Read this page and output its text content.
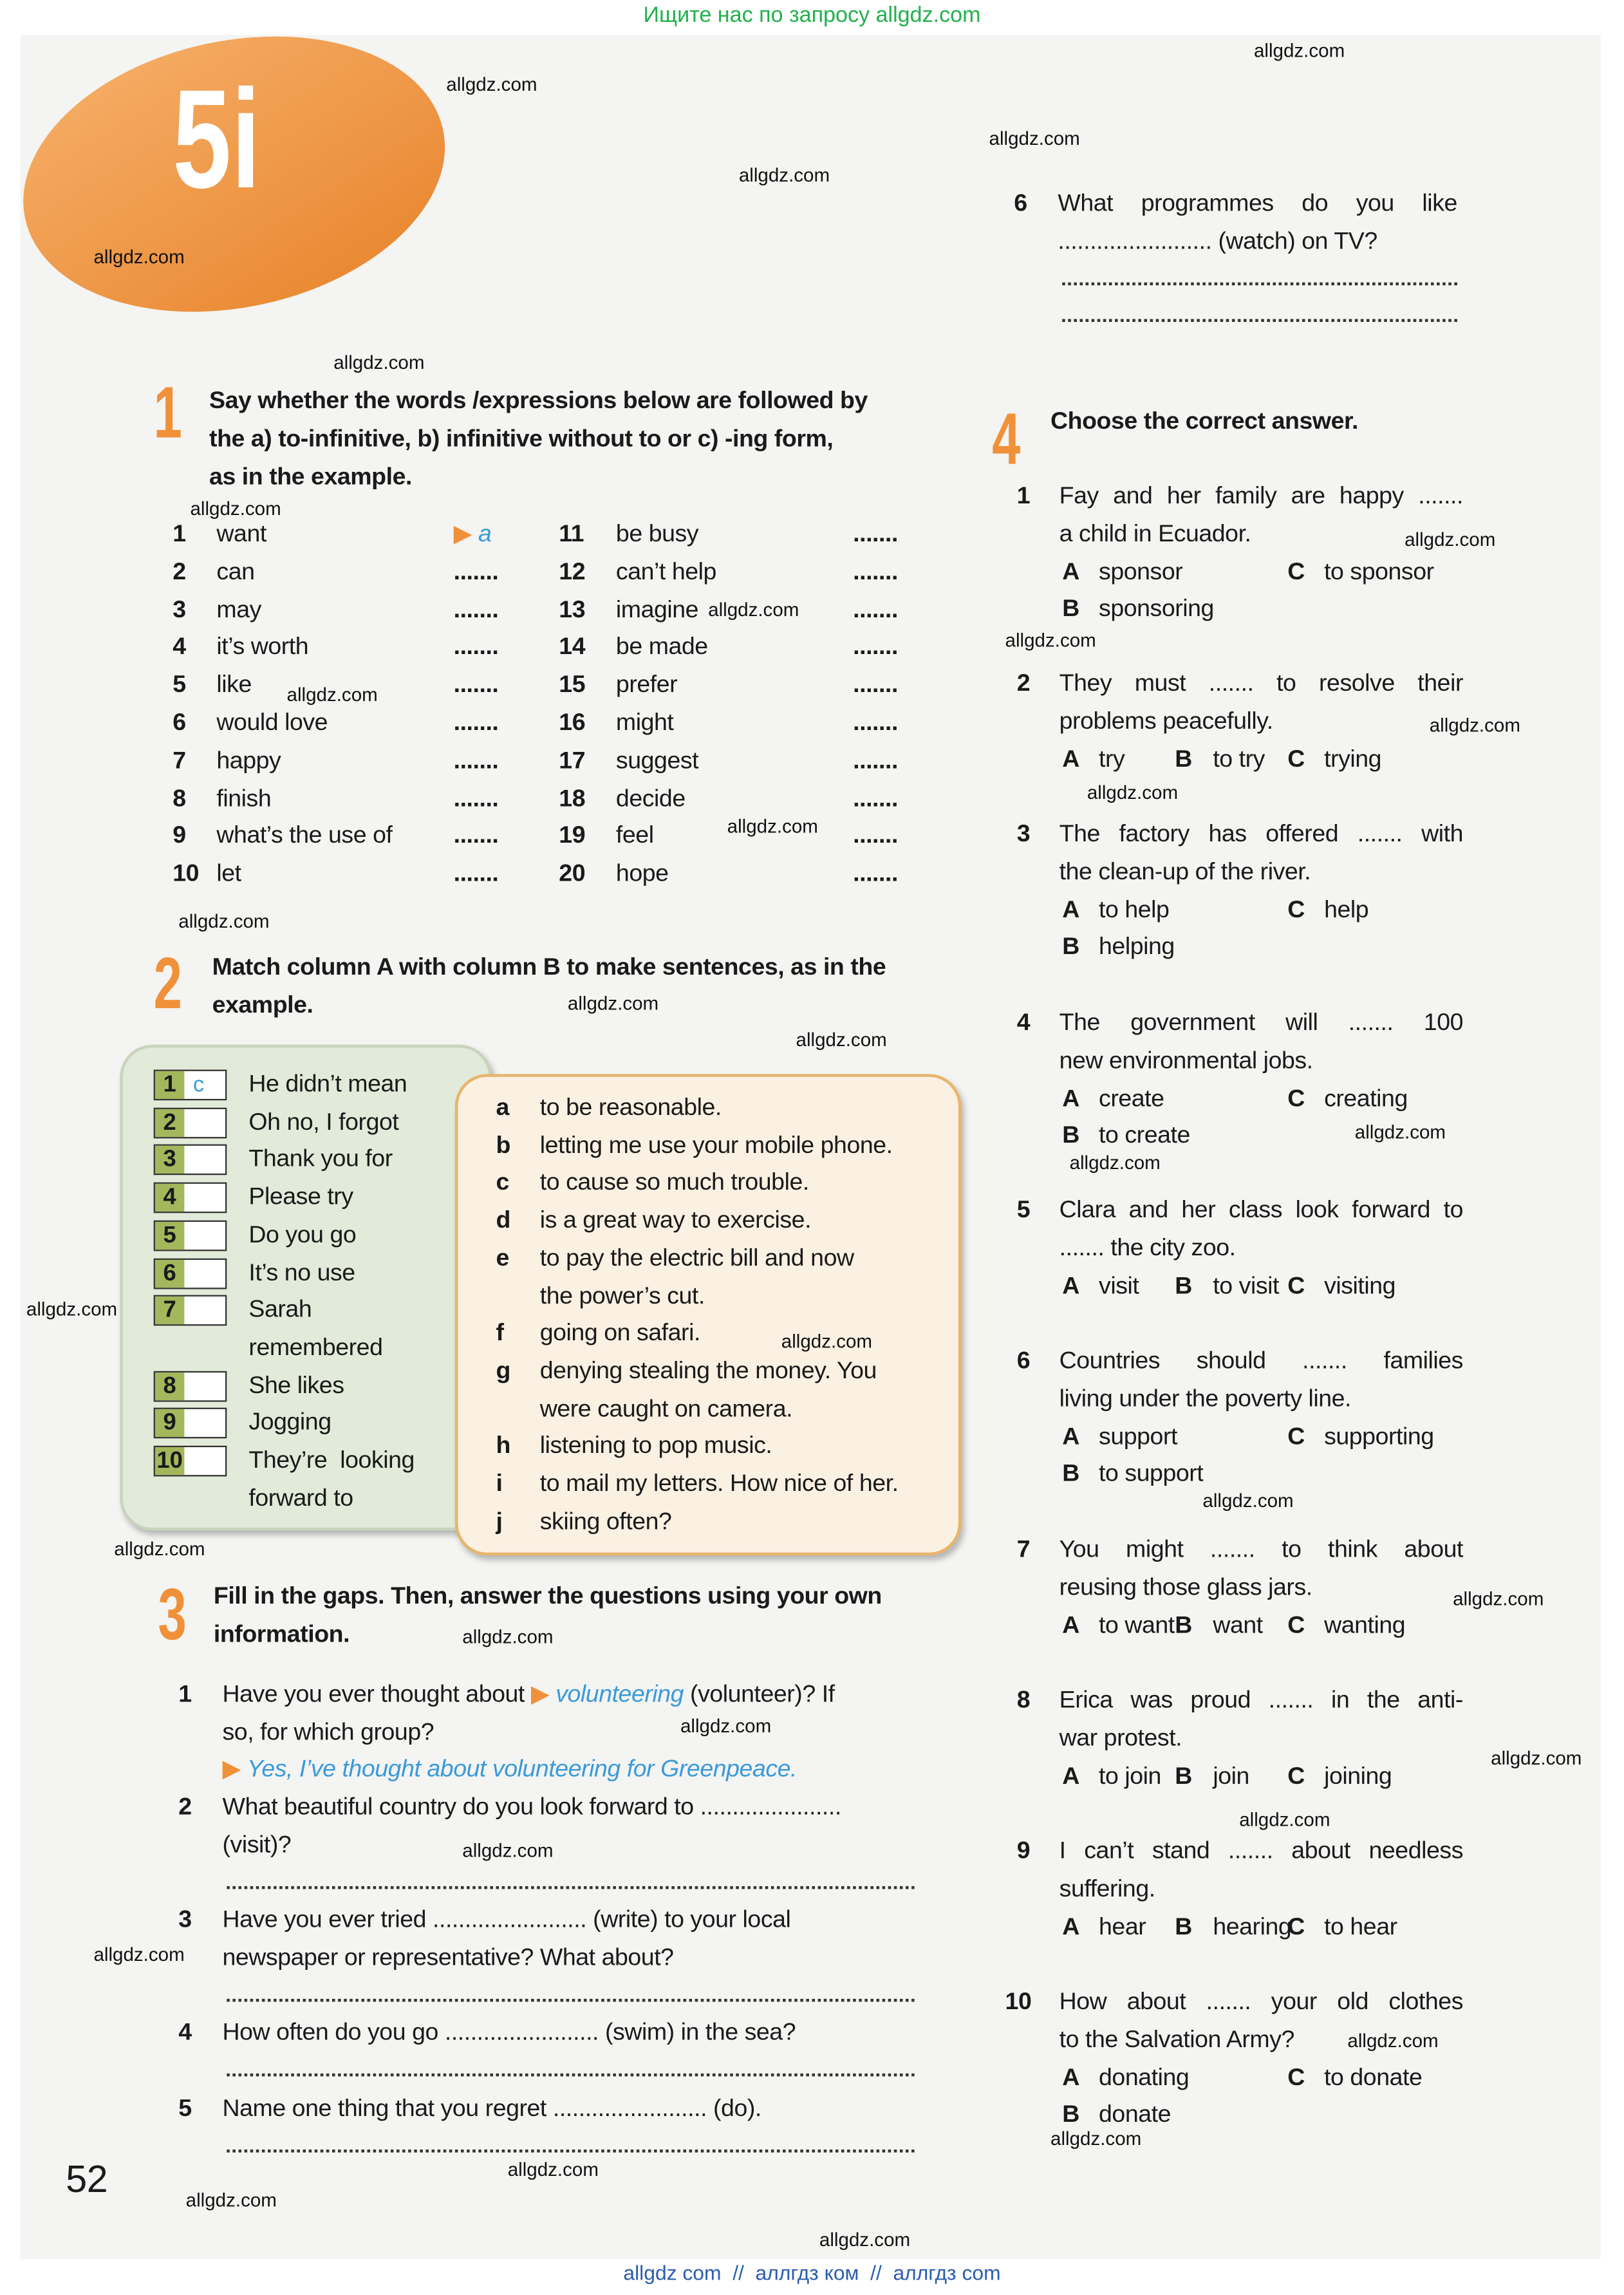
Ищите нас по запросу allgdz.com
5i
1	Say whether the words /expressions below are followed by
the a) to-infinitive, b) infinitive without to or c) -ing form,
as in the example.
1	want	▶ a
2	can	.......
3	may	.......
4	it’s worth	.......
5	like	.......
6	would love	.......
7	happy	.......
8	finish	.......
9	what’s the use of	.......
10 let	.......
11	be busy	.......
12	can’t help	.......
13	imagine	.......
14	be made	.......
15	prefer	.......
16	might	.......
17	suggest	.......
18	decide	.......
19	feel	.......
20	hope	.......
2	Match column A with column B to make sentences, as in the
example.
1	c	He didn’t mean
2	Oh no, I forgot
3	Thank you for
4	Please try
5	Do you go
6	It’s no use
7	Sarah
remembered
8	She likes
9	Jogging
10	They’re  looking
forward to
a	to be reasonable.
b	letting me use your mobile phone.
c	to cause so much trouble.
d	is a great way to exercise.
e	to pay the electric bill and now
the power’s cut.
f	going on safari.
g	denying stealing the money. You
were caught on camera.
h	listening to pop music.
i	to mail my letters. How nice of her.
j	skiing often?
3	Fill in the gaps. Then, answer the questions using your own
information.
1	Have you ever thought about ▶ volunteering (volunteer)? If
so, for which group?
▶ Yes, I’ve thought about volunteering for Greenpeace.
2	What beautiful country do you look forward to ......................
(visit)?
3	Have you ever tried ........................ (write) to your local
newspaper or representative? What about?
4	How often do you go ........................ (swim) in the sea?
5	Name one thing that you regret ........................ (do).
6	What programmes do you like
........................ (watch) on TV?
4	Choose the correct answer.
1	Fay and her family are happy .......
a child in Ecuador.
A sponsor	C to sponsor
B sponsoring
2	They must ....... to resolve their
problems peacefully.
A try	B to try C trying
3	The factory has offered ....... with
the clean-up of the river.
A to help	C help
B helping
4	The government will ....... 100
new environmental jobs.
A create	C creating
B to create
5	Clara and her class look forward to
....... the city zoo.
A visit	B to visit C visiting
6	Countries should ....... families
living under the poverty line.
A support	C supporting
B to support
7	You might ....... to think about
reusing those glass jars.
A to want B want C wanting
8	Erica was proud ....... in the anti-
war protest.
A to join B join	C joining
9	I can’t stand ....... about needless
suffering.
A hear	B hearing
C to hear
10	How about ....... your old clothes
to the Salvation Army?
A donating	C to donate
B donate
allgdz.com
allgdz.com
allgdz.com
allgdz.com
allgdz.com
allgdz.com
allgdz.com
allgdz.com
allgdz.com
allgdz.com
allgdz.com
allgdz.com
allgdz.com
allgdz.com
allgdz.com
allgdz.com
allgdz.com
allgdz.com
allgdz.com
allgdz.com
allgdz.com
allgdz.com
allgdz.com
allgdz.com
allgdz.com
allgdz.com
allgdz.com
allgdz.com
allgdz.com
allgdz.com
allgdz.com
allgdz.com
allgdz.com
allgdz.com
allgdz.com
52
allgdz com  //  аллгдз ком  //  аллгдз com
